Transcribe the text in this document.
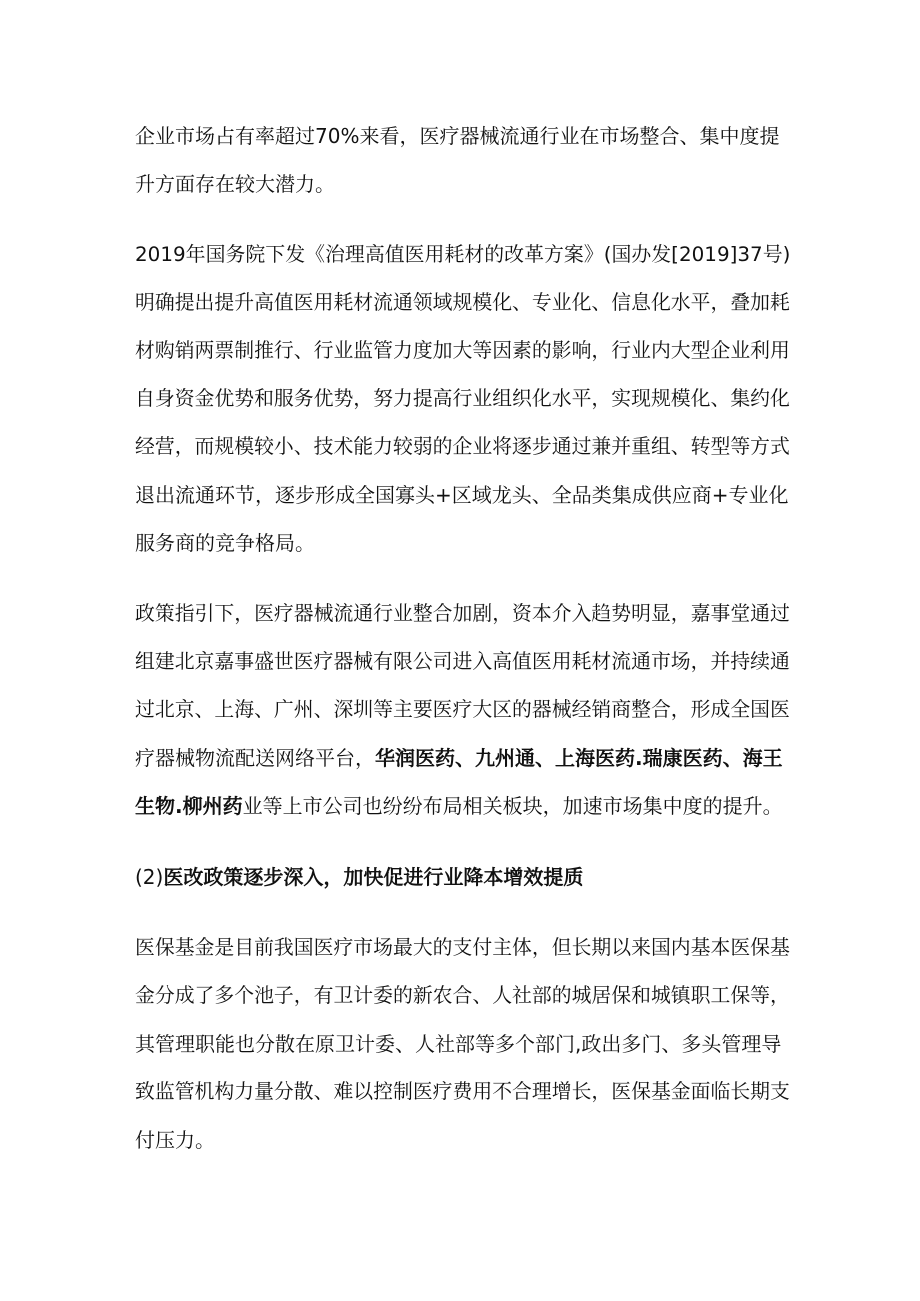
企业市场占有率超过70%来看，医疗器械流通行业在市场整合、集中度提
升方面存在较大潜力。
2019年国务院下发《治理高值医用耗材的改革方案》(国办发[2019]37号)
明确提出提升高值医用耗材流通领域规模化、专业化、信息化水平，叠加耗
材购销两票制推行、行业监管力度加大等因素的影响，行业内大型企业利用
自身资金优势和服务优势，努力提高行业组织化水平，实现规模化、集约化
经营，而规模较小、技术能力较弱的企业将逐步通过兼并重组、转型等方式
退出流通环节，逐步形成全国寡头+区域龙头、全品类集成供应商+专业化
服务商的竞争格局。
政策指引下，医疗器械流通行业整合加剧，资本介入趋势明显，嘉事堂通过
组建北京嘉事盛世医疗器械有限公司进入高值医用耗材流通市场，并持续通
过北京、上海、广州、深圳等主要医疗大区的器械经销商整合，形成全国医
疗器械物流配送网络平台，华润医药、九州通、上海医药.瑞康医药、海王
生物.柳州药业等上市公司也纷纷布局相关板块，加速市场集中度的提升。
(2)医改政策逐步深入，加快促进行业降本增效提质
医保基金是目前我国医疗市场最大的支付主体，但长期以来国内基本医保基
金分成了多个池子，有卫计委的新农合、人社部的城居保和城镇职工保等，
其管理职能也分散在原卫计委、人社部等多个部门,政出多门、多头管理导
致监管机构力量分散、难以控制医疗费用不合理增长，医保基金面临长期支
付压力。
